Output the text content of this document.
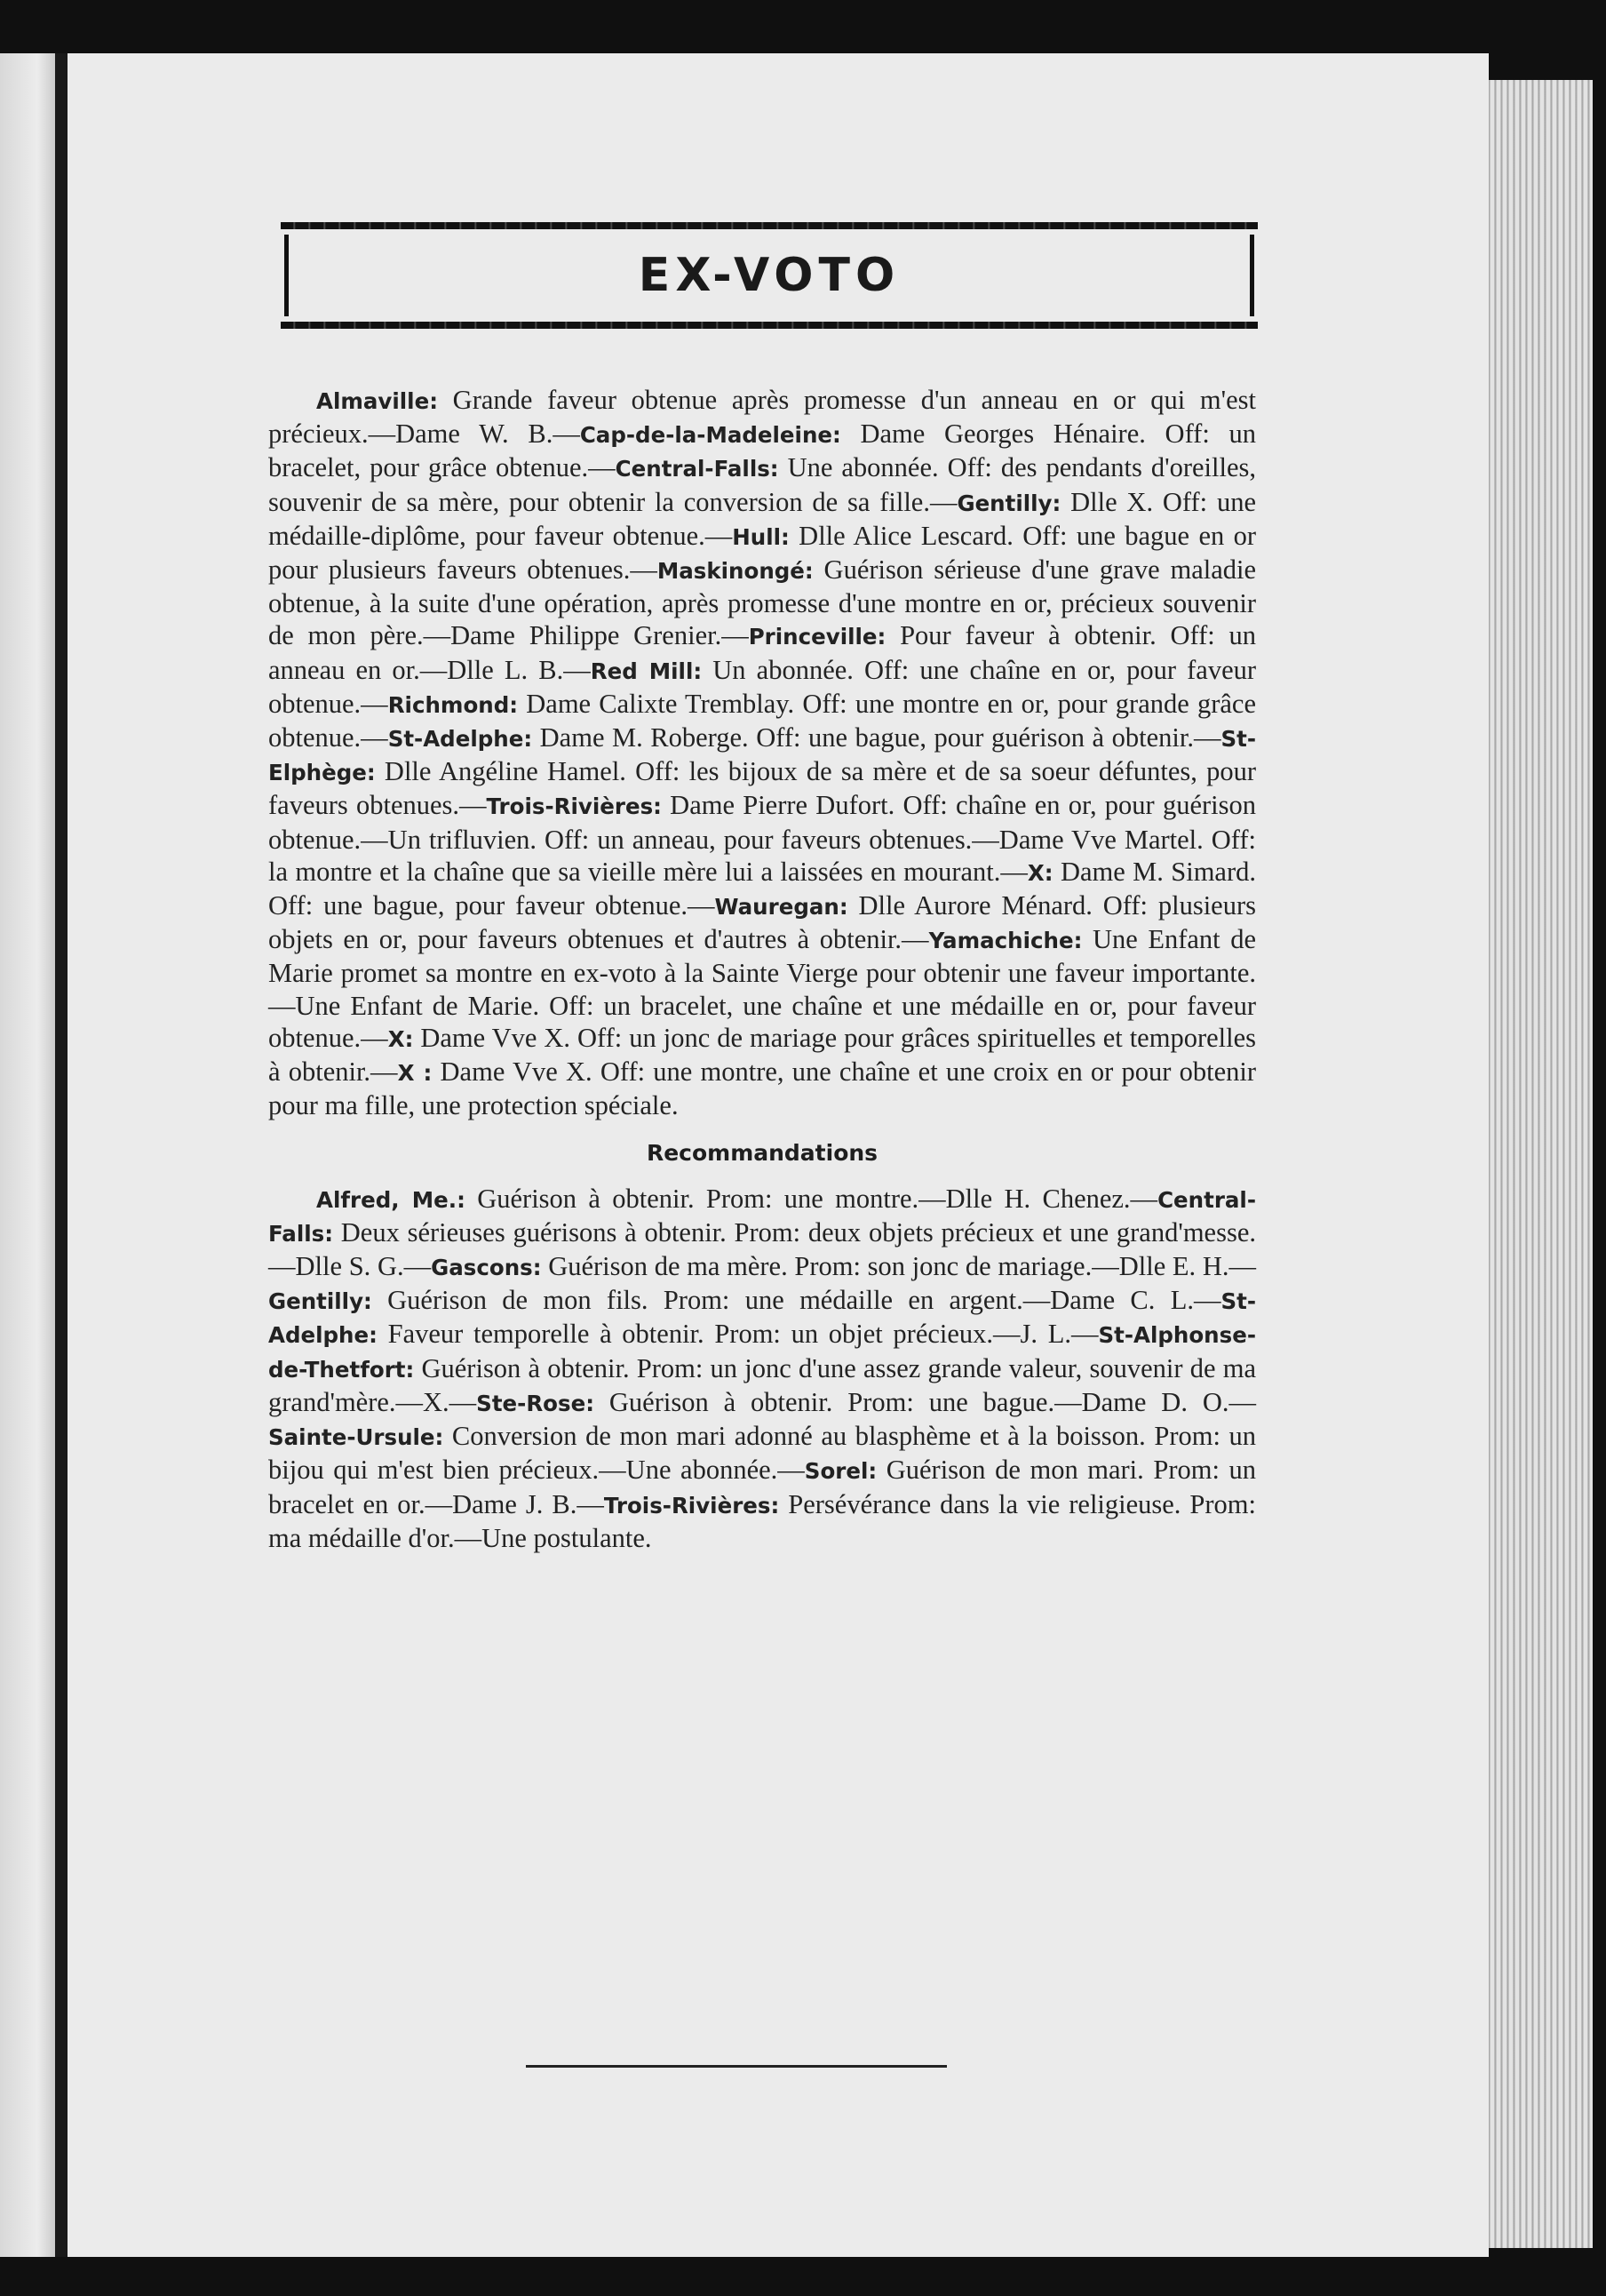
EX-VOTO

Almaville: Grande faveur obtenue après promesse d'un anneau en or qui m'est précieux.—Dame W. B.—Cap-de-la-Madeleine: Dame Georges Hénaire. Off: un bracelet, pour grâce obtenue.—Central-Falls: Une abonnée. Off: des pendants d'oreilles, souvenir de sa mère, pour obtenir la conversion de sa fille.—Gentilly: Dlle X. Off: une médaille-diplôme, pour faveur obtenue.—Hull: Dlle Alice Lescard. Off: une bague en or pour plusieurs faveurs obtenues.—Maskinongé: Guérison sérieuse d'une grave maladie obtenue, à la suite d'une opération, après promesse d'une montre en or, précieux souvenir de mon père.—Dame Philippe Grenier.—Princeville: Pour faveur à obtenir. Off: un anneau en or.—Dlle L. B.—Red Mill: Un abonnée. Off: une chaîne en or, pour faveur obtenue.—Richmond: Dame Calixte Tremblay. Off: une montre en or, pour grande grâce obtenue.—St-Adelphe: Dame M. Roberge. Off: une bague, pour guérison à obtenir.—St-Elphège: Dlle Angéline Hamel. Off: les bijoux de sa mère et de sa soeur défuntes, pour faveurs obtenues.—Trois-Rivières: Dame Pierre Dufort. Off: chaîne en or, pour guérison obtenue.—Un trifluvien. Off: un anneau, pour faveurs obtenues.—Dame Vve Martel. Off: la montre et la chaîne que sa vieille mère lui a laissées en mourant.—X: Dame M. Simard. Off: une bague, pour faveur obtenue.—Wauregan: Dlle Aurore Ménard. Off: plusieurs objets en or, pour faveurs obtenues et d'autres à obtenir.—Yamachiche: Une Enfant de Marie promet sa montre en ex-voto à la Sainte Vierge pour obtenir une faveur importante.—Une Enfant de Marie. Off: un bracelet, une chaîne et une médaille en or, pour faveur obtenue.—X: Dame Vve X. Off: un jonc de mariage pour grâces spirituelles et temporelles à obtenir.—X : Dame Vve X. Off: une montre, une chaîne et une croix en or pour obtenir pour ma fille, une protection spéciale.

Recommandations

Alfred, Me.: Guérison à obtenir. Prom: une montre.—Dlle H. Chenez.—Central-Falls: Deux sérieuses guérisons à obtenir. Prom: deux objets précieux et une grand'messe.—Dlle S. G.—Gascons: Guérison de ma mère. Prom: son jonc de mariage.—Dlle E. H.—Gentilly: Guérison de mon fils. Prom: une médaille en argent.—Dame C. L.—St-Adelphe: Faveur temporelle à obtenir. Prom: un objet précieux.—J. L.—St-Alphonse-de-Thetfort: Guérison à obtenir. Prom: un jonc d'une assez grande valeur, souvenir de ma grand'mère.—X.—Ste-Rose: Guérison à obtenir. Prom: une bague.—Dame D. O.—Sainte-Ursule: Conversion de mon mari adonné au blasphème et à la boisson. Prom: un bijou qui m'est bien précieux.—Une abonnée.—Sorel: Guérison de mon mari. Prom: un bracelet en or.—Dame J. B.—Trois-Rivières: Persévérance dans la vie religieuse. Prom: ma médaille d'or.—Une postulante.
